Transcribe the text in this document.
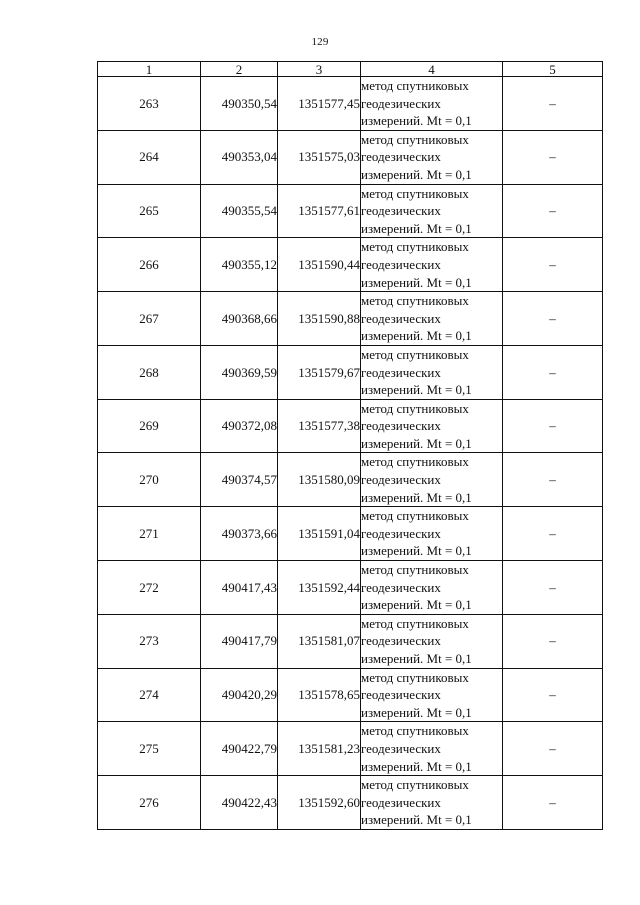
129
1	2	3	4	5
263	490350,54	1351577,45	метод спутниковых
геодезических
измерений. Mt = 0,1	–
264	490353,04	1351575,03	метод спутниковых
геодезических
измерений. Mt = 0,1	–
265	490355,54	1351577,61	метод спутниковых
геодезических
измерений. Mt = 0,1	–
266	490355,12	1351590,44	метод спутниковых
геодезических
измерений. Mt = 0,1	–
267	490368,66	1351590,88	метод спутниковых
геодезических
измерений. Mt = 0,1	–
268	490369,59	1351579,67	метод спутниковых
геодезических
измерений. Mt = 0,1	–
269	490372,08	1351577,38	метод спутниковых
геодезических
измерений. Mt = 0,1	–
270	490374,57	1351580,09	метод спутниковых
геодезических
измерений. Mt = 0,1	–
271	490373,66	1351591,04	метод спутниковых
геодезических
измерений. Mt = 0,1	–
272	490417,43	1351592,44	метод спутниковых
геодезических
измерений. Mt = 0,1	–
273	490417,79	1351581,07	метод спутниковых
геодезических
измерений. Mt = 0,1	–
274	490420,29	1351578,65	метод спутниковых
геодезических
измерений. Mt = 0,1	–
275	490422,79	1351581,23	метод спутниковых
геодезических
измерений. Mt = 0,1	–
276	490422,43	1351592,60	метод спутниковых
геодезических
измерений. Mt = 0,1	–
